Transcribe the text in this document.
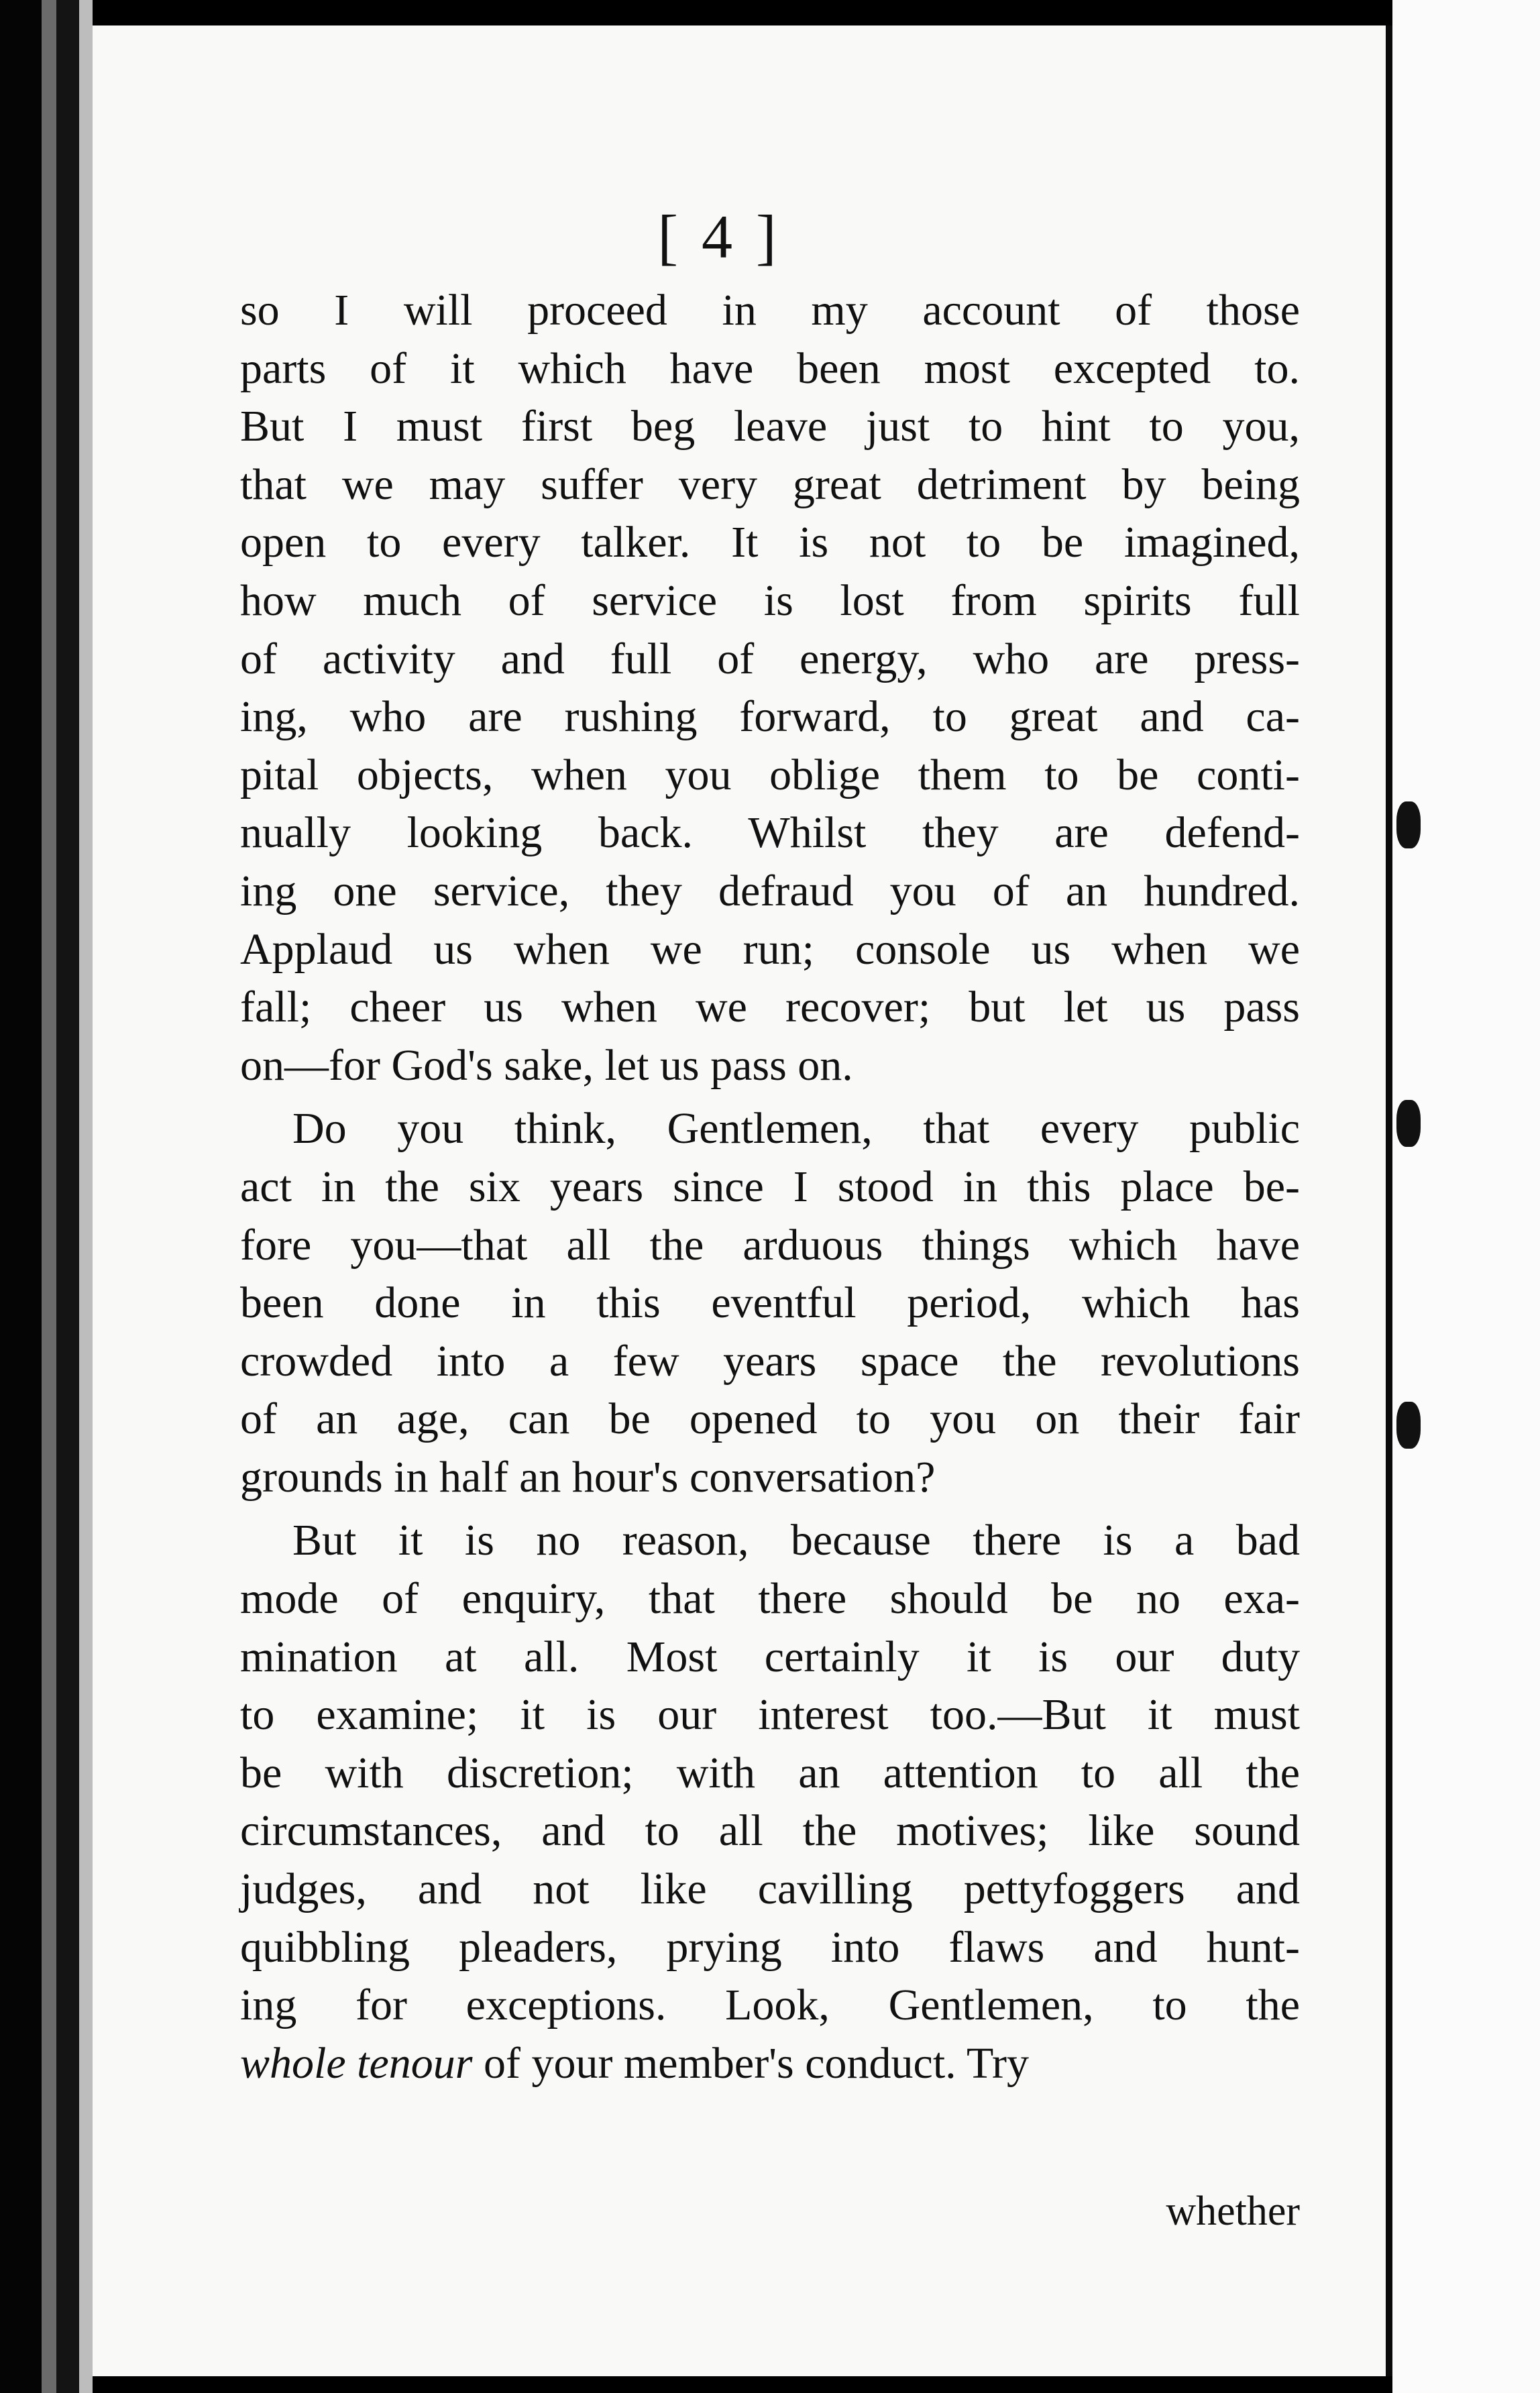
[ 4 ]
so I will proceed in my account of those
parts of it which have been most excepted to.
But I must first beg leave just to hint to you,
that we may suffer very great detriment by being
open to every talker. It is not to be imagined,
how much of service is lost from spirits full
of activity and full of energy, who are press-
ing, who are rushing forward, to great and ca-
pital objects, when you oblige them to be conti-
nually looking back. Whilst they are defend-
ing one service, they defraud you of an hundred.
Applaud us when we run; console us when we
fall; cheer us when we recover; but let us pass
on—for God's sake, let us pass on.
Do you think, Gentlemen, that every public
act in the six years since I stood in this place be-
fore you—that all the arduous things which have
been done in this eventful period, which has
crowded into a few years space the revolutions
of an age, can be opened to you on their fair
grounds in half an hour's conversation?
But it is no reason, because there is a bad
mode of enquiry, that there should be no exa-
mination at all. Most certainly it is our duty
to examine; it is our interest too.—But it must
be with discretion; with an attention to all the
circumstances, and to all the motives; like sound
judges, and not like cavilling pettyfoggers and
quibbling pleaders, prying into flaws and hunt-
ing for exceptions. Look, Gentlemen, to the
whole tenour of your member's conduct. Try
whether
